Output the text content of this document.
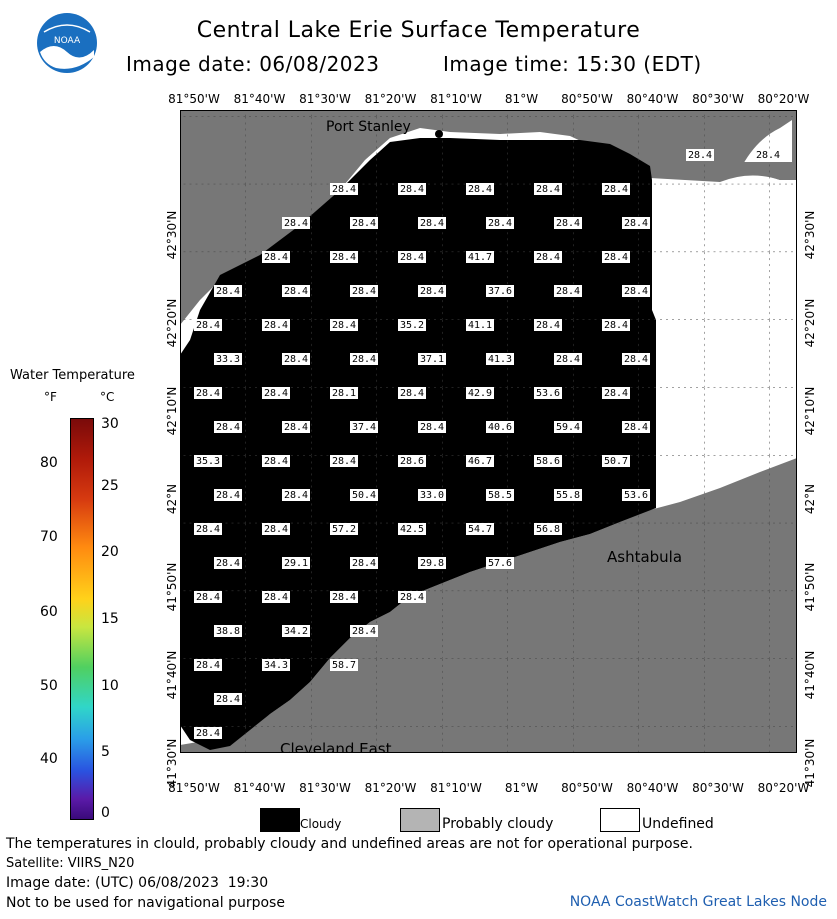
NOAA	Central Lake Erie Surface Temperature
Image date: 06/08/2023	Image time: 15:30 (EDT)
81°50'W	81°40'W	81°30'W	81°20'W	81°10'W	81°W	80°50'W	80°40'W	80°30'W	80°20'W
81°50'W	81°40'W	81°30'W	81°20'W	81°10'W	81°W	80°50'W	80°40'W	80°30'W	80°20'W
42°30'N
42°20'N
42°10'N
42°N
41°50'N
41°40'N
41°30'N
42°30'N
42°20'N
42°10'N
42°N
41°50'N
41°40'N
41°30'N
28.4	28.4
28.4	28.4	28.4	28.4	28.4
28.4	28.4	28.4	28.4	28.4	28.4
28.4	28.4	28.4	41.7	28.4	28.4
28.4	28.4	28.4	28.4	37.6	28.4	28.4
28.4	28.4	28.4	35.2	41.1	28.4	28.4
33.3	28.4	28.4	37.1	41.3	28.4	28.4
28.4	28.4	28.1	28.4	42.9	53.6	28.4
28.4	28.4	37.4	28.4	40.6	59.4	28.4
35.3	28.4	28.4	28.6	46.7	58.6	50.7
28.4	28.4	50.4	33.0	58.5	55.8	53.6
28.4	28.4	57.2	42.5	54.7	56.8
28.4	29.1	28.4	29.8	57.6
28.4	28.4	28.4	28.4
38.8	34.2	28.4
28.4	34.3	58.7
28.4
28.4
Port Stanley
Ashtabula
Cleveland East
Water Temperature
°F	°C
80
70
60
50
40
30
25
20
15
10
5
0
Cloudy	Probably cloudy	Undefined
The temperatures in clould, probably cloudy and undefined areas are not for operational purpose.
Satellite: VIIRS_N20
Image date: (UTC) 06/08/2023  19:30
Not to be used for navigational purpose	NOAA CoastWatch Great Lakes Node
